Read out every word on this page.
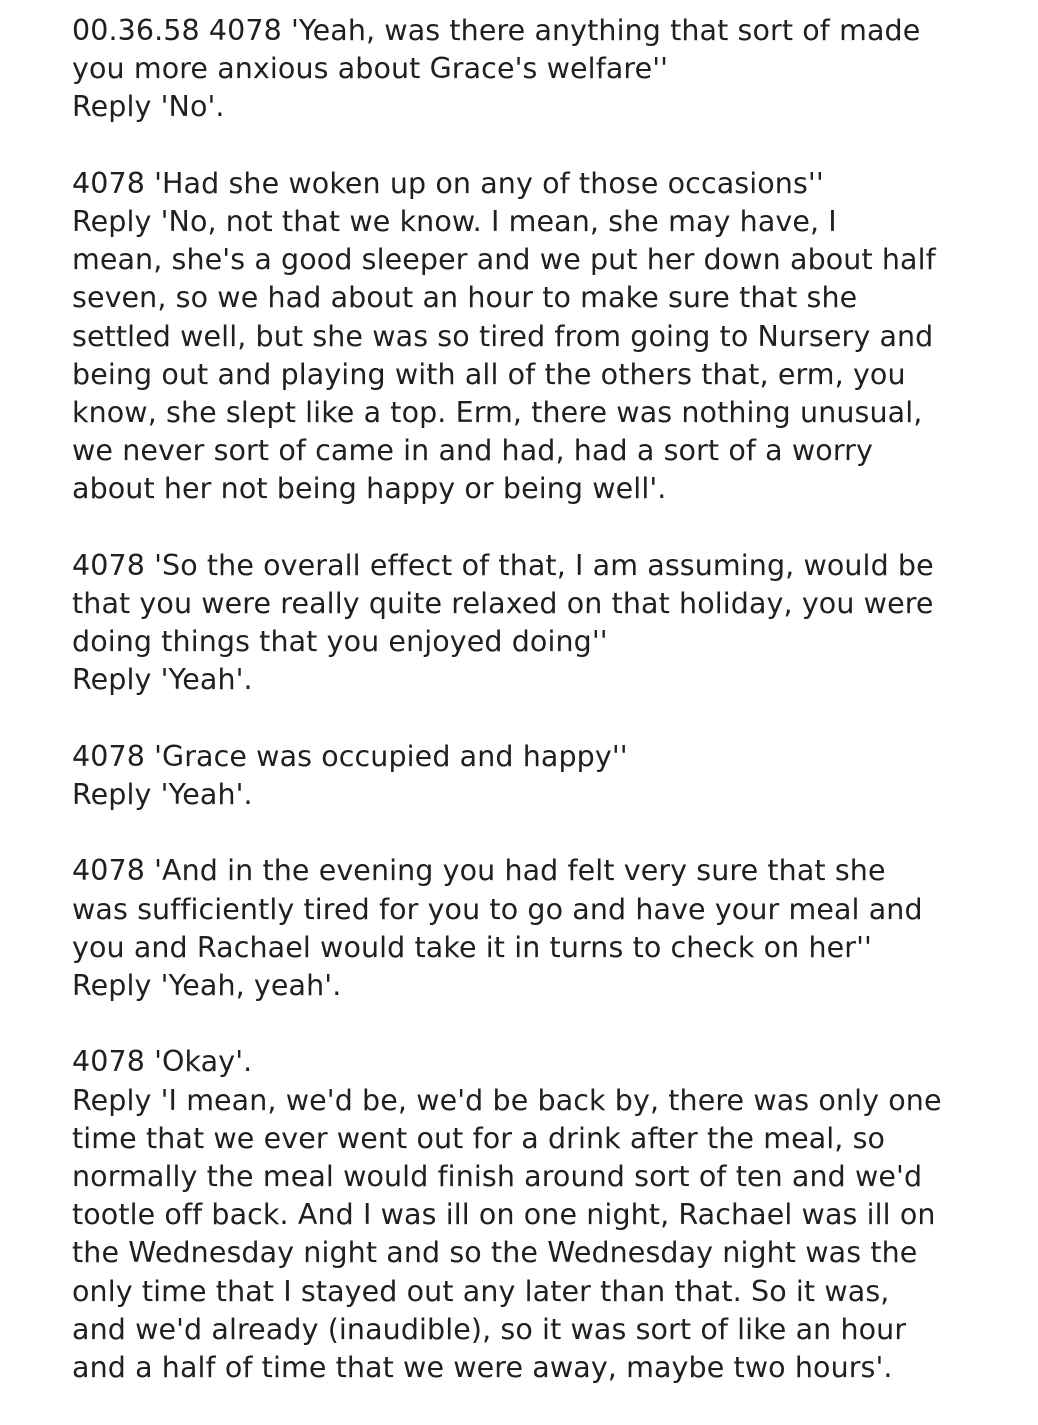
00.36.58 4078 'Yeah, was there anything that sort of made
you more anxious about Grace's welfare''
Reply 'No'.
4078 'Had she woken up on any of those occasions''
Reply 'No, not that we know. I mean, she may have, I
mean, she's a good sleeper and we put her down about half
seven, so we had about an hour to make sure that she
settled well, but she was so tired from going to Nursery and
being out and playing with all of the others that, erm, you
know, she slept like a top. Erm, there was nothing unusual,
we never sort of came in and had, had a sort of a worry
about her not being happy or being well'.
4078 'So the overall effect of that, I am assuming, would be
that you were really quite relaxed on that holiday, you were
doing things that you enjoyed doing''
Reply 'Yeah'.
4078 'Grace was occupied and happy''
Reply 'Yeah'.
4078 'And in the evening you had felt very sure that she
was sufficiently tired for you to go and have your meal and
you and Rachael would take it in turns to check on her''
Reply 'Yeah, yeah'.
4078 'Okay'.
Reply 'I mean, we'd be, we'd be back by, there was only one
time that we ever went out for a drink after the meal, so
normally the meal would finish around sort of ten and we'd
tootle off back. And I was ill on one night, Rachael was ill on
the Wednesday night and so the Wednesday night was the
only time that I stayed out any later than that. So it was,
and we'd already (inaudible), so it was sort of like an hour
and a half of time that we were away, maybe two hours'.
